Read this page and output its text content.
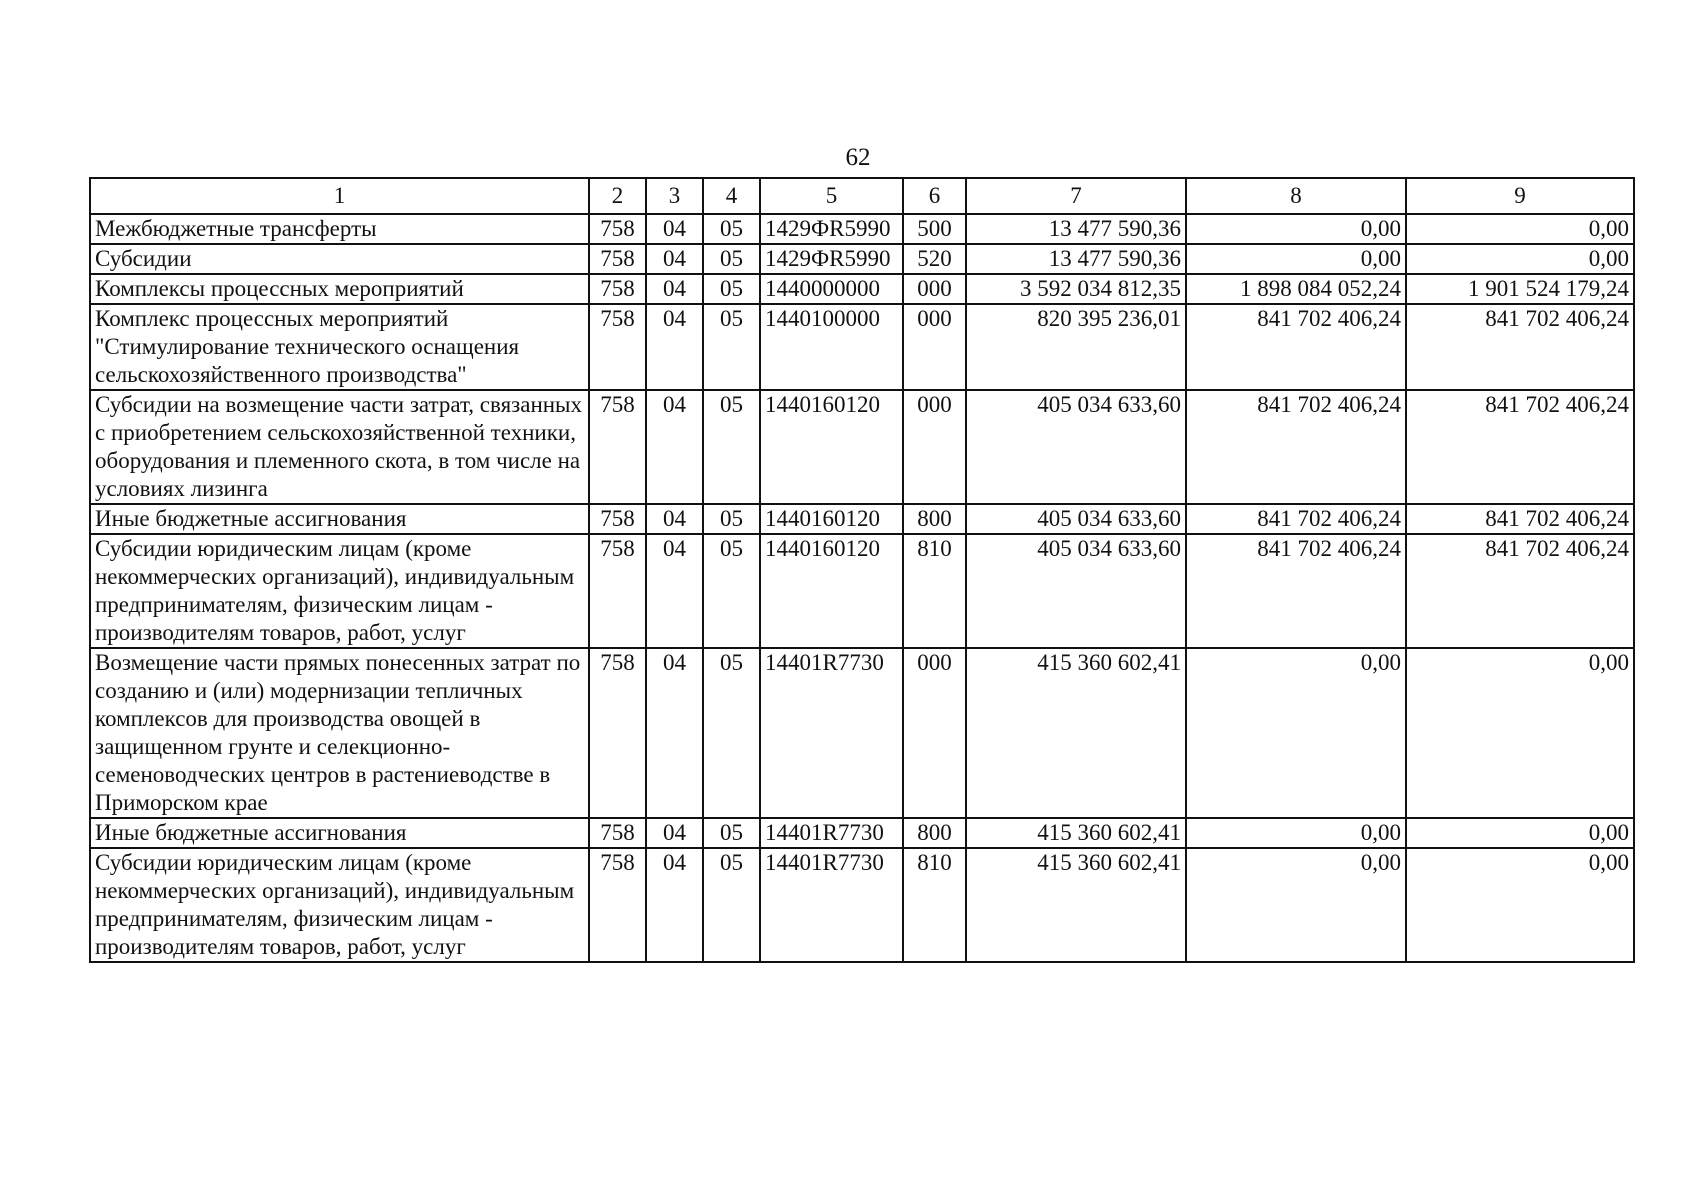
62
1	2	3	4	5	6	7	8	9
Межбюджетные трансферты	758	04	05	1429ФR5990	500	13 477 590,36	0,00	0,00
Субсидии	758	04	05	1429ФR5990	520	13 477 590,36	0,00	0,00
Комплексы процессных мероприятий	758	04	05	1440000000	000	3 592 034 812,35	1 898 084 052,24	1 901 524 179,24
Комплекс процессных мероприятий "Стимулирование технического оснащения сельскохозяйственного производства"	758	04	05	1440100000	000	820 395 236,01	841 702 406,24	841 702 406,24
Субсидии на возмещение части затрат, связанных с приобретением сельскохозяйственной техники, оборудования и племенного скота, в том числе на условиях лизинга	758	04	05	1440160120	000	405 034 633,60	841 702 406,24	841 702 406,24
Иные бюджетные ассигнования	758	04	05	1440160120	800	405 034 633,60	841 702 406,24	841 702 406,24
Субсидии юридическим лицам (кроме некоммерческих организаций), индивидуальным предпринимателям, физическим лицам - производителям товаров, работ, услуг	758	04	05	1440160120	810	405 034 633,60	841 702 406,24	841 702 406,24
Возмещение части прямых понесенных затрат по созданию и (или) модернизации тепличных комплексов для производства овощей в защищенном грунте и селекционно-семеноводческих центров в растениеводстве в Приморском крае	758	04	05	14401R7730	000	415 360 602,41	0,00	0,00
Иные бюджетные ассигнования	758	04	05	14401R7730	800	415 360 602,41	0,00	0,00
Субсидии юридическим лицам (кроме некоммерческих организаций), индивидуальным предпринимателям, физическим лицам - производителям товаров, работ, услуг	758	04	05	14401R7730	810	415 360 602,41	0,00	0,00
